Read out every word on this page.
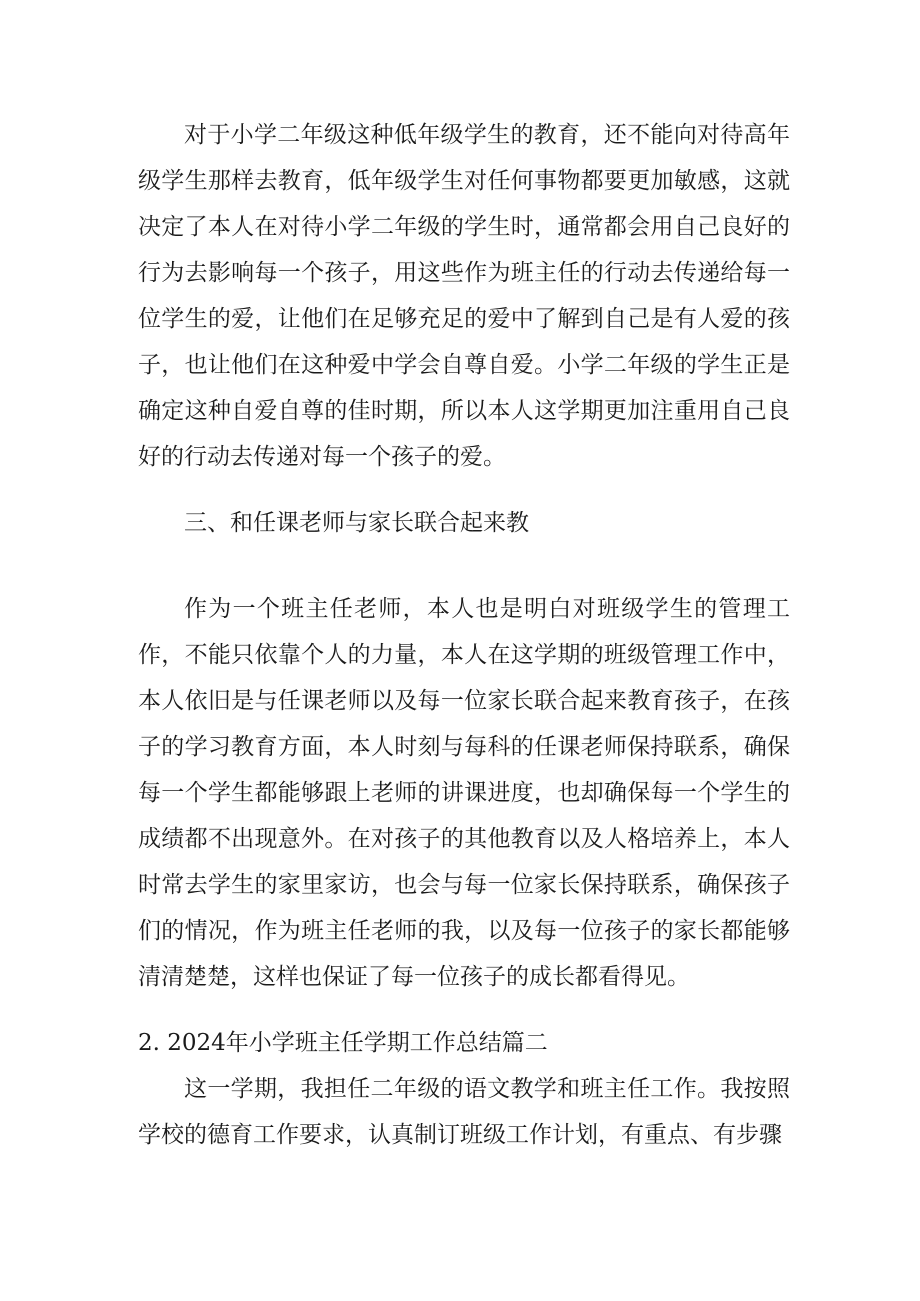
对于小学二年级这种低年级学生的教育，还不能向对待高年级学生那样去教育，低年级学生对任何事物都要更加敏感，这就决定了本人在对待小学二年级的学生时，通常都会用自己良好的行为去影响每一个孩子，用这些作为班主任的行动去传递给每一位学生的爱，让他们在足够充足的爱中了解到自己是有人爱的孩子，也让他们在这种爱中学会自尊自爱。小学二年级的学生正是确定这种自爱自尊的佳时期，所以本人这学期更加注重用自己良好的行动去传递对每一个孩子的爱。

三、和任课老师与家长联合起来教

作为一个班主任老师，本人也是明白对班级学生的管理工作，不能只依靠个人的力量，本人在这学期的班级管理工作中，本人依旧是与任课老师以及每一位家长联合起来教育孩子，在孩子的学习教育方面，本人时刻与每科的任课老师保持联系，确保每一个学生都能够跟上老师的讲课进度，也却确保每一个学生的成绩都不出现意外。在对孩子的其他教育以及人格培养上，本人时常去学生的家里家访，也会与每一位家长保持联系，确保孩子们的情况，作为班主任老师的我，以及每一位孩子的家长都能够清清楚楚，这样也保证了每一位孩子的成长都看得见。

2. 2024年小学班主任学期工作总结篇二

这一学期，我担任二年级的语文教学和班主任工作。我按照学校的德育工作要求，认真制订班级工作计划，有重点、有步骤
